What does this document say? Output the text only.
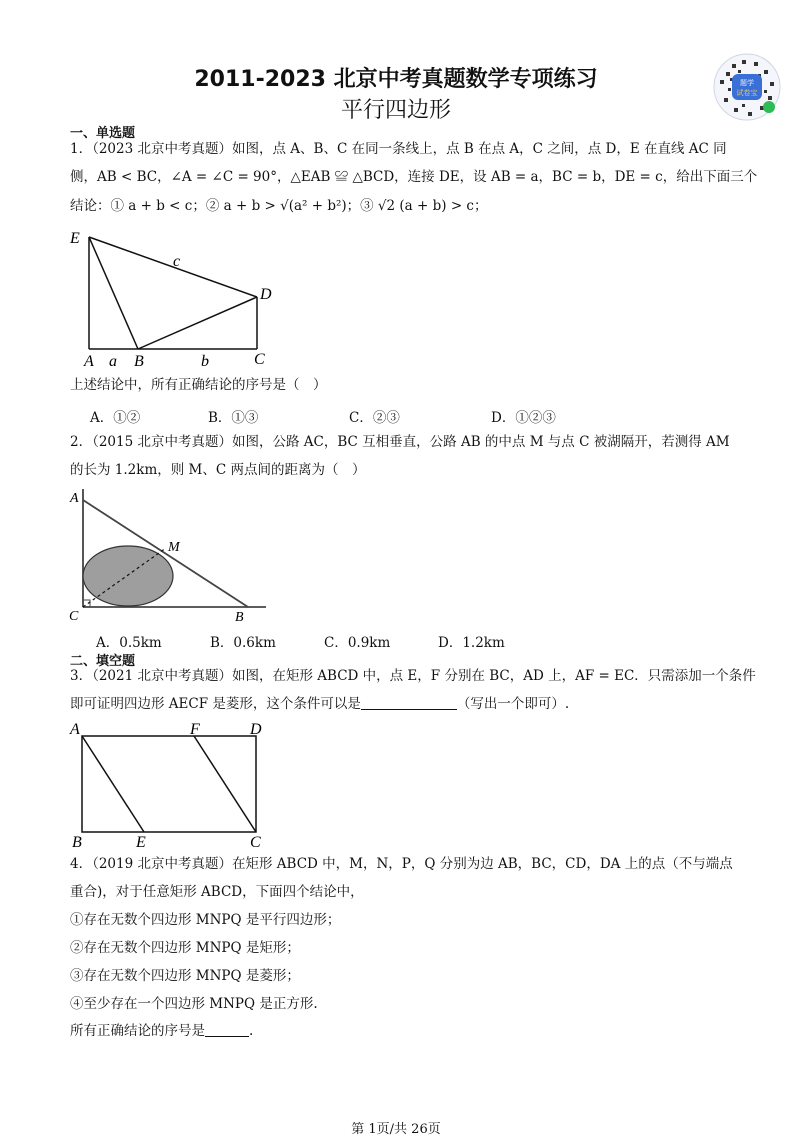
2011-2023 北京中考真题数学专项练习
平行四边形
题学
试卷宝
一、单选题
1．（2023 北京中考真题）如图，点 A、B、C 在同一条线上，点 B 在点 A，C 之间，点 D，E 在直线 AC 同
侧，AB < BC，∠A = ∠C = 90°，△EAB ≌ △BCD，连接 DE，设 AB = a，BC = b，DE = c，给出下面三个
结论：① a + b < c；② a + b > √(a² + b²)；③ √2 (a + b) > c；
E
D
c
A a B	b	C
上述结论中，所有正确结论的序号是（　）
A．①②	B．①③	C．②③	D．①②③
2．（2015 北京中考真题）如图，公路 AC，BC 互相垂直，公路 AB 的中点 M 与点 C 被湖隔开，若测得 AM
的长为 1.2km，则 M、C 两点间的距离为（　）
A
M
C	B
A．0.5km	B．0.6km	C．0.9km	D．1.2km
二、填空题
3．（2021 北京中考真题）如图，在矩形 ABCD 中，点 E，F 分别在 BC，AD 上，AF = EC．只需添加一个条件
即可证明四边形 AECF 是菱形，这个条件可以是	（写出一个即可）.
A	F	D
B	E	C
4．（2019 北京中考真题）在矩形 ABCD 中，M，N，P，Q 分别为边 AB，BC，CD，DA 上的点（不与端点
重合)，对于任意矩形 ABCD，下面四个结论中，
①存在无数个四边形 MNPQ 是平行四边形；
②存在无数个四边形 MNPQ 是矩形；
③存在无数个四边形 MNPQ 是菱形；
④至少存在一个四边形 MNPQ 是正方形.
所有正确结论的序号是	.
第 1页/共 26页
